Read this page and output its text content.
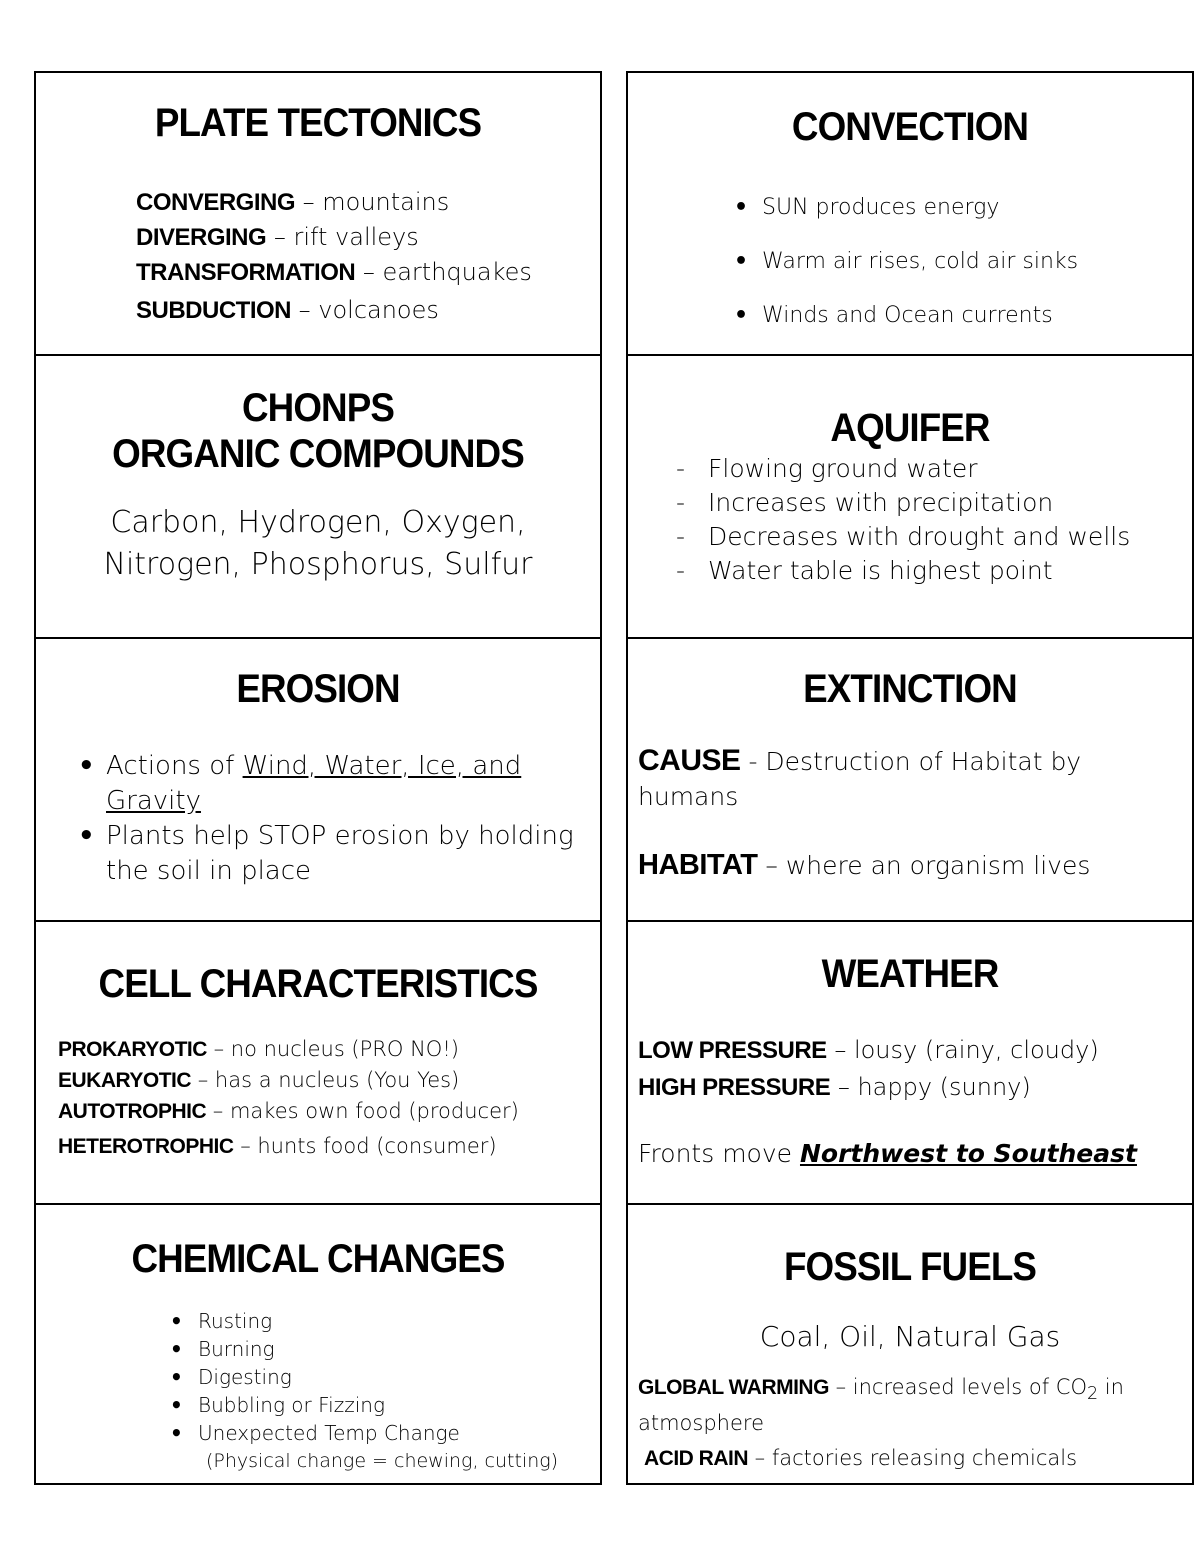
PLATE TECTONICS
CONVERGING – mountains
DIVERGING – rift valleys
TRANSFORMATION – earthquakes
SUBDUCTION – volcanoes
CHONPS
ORGANIC COMPOUNDS
Carbon, Hydrogen, Oxygen,
Nitrogen, Phosphorus, Sulfur
EROSION
• Actions of Wind, Water, Ice, and
Gravity
• Plants help STOP erosion by holding
the soil in place
CELL CHARACTERISTICS
PROKARYOTIC – no nucleus (PRO NO!)
EUKARYOTIC – has a nucleus (You Yes)
AUTOTROPHIC – makes own food (producer)
HETEROTROPHIC – hunts food (consumer)
CHEMICAL CHANGES
• Rusting
• Burning
• Digesting
• Bubbling or Fizzing
• Unexpected Temp Change
(Physical change = chewing, cutting)
CONVECTION
• SUN produces energy
• Warm air rises, cold air sinks
• Winds and Ocean currents
AQUIFER
- Flowing ground water
- Increases with precipitation
- Decreases with drought and wells
- Water table is highest point
EXTINCTION
CAUSE - Destruction of Habitat by
humans
HABITAT – where an organism lives
WEATHER
LOW PRESSURE – lousy (rainy, cloudy)
HIGH PRESSURE – happy (sunny)
Fronts move Northwest to Southeast
FOSSIL FUELS
Coal, Oil, Natural Gas
GLOBAL WARMING – increased levels of $CO_2$ in
atmosphere
ACID RAIN – factories releasing chemicals
